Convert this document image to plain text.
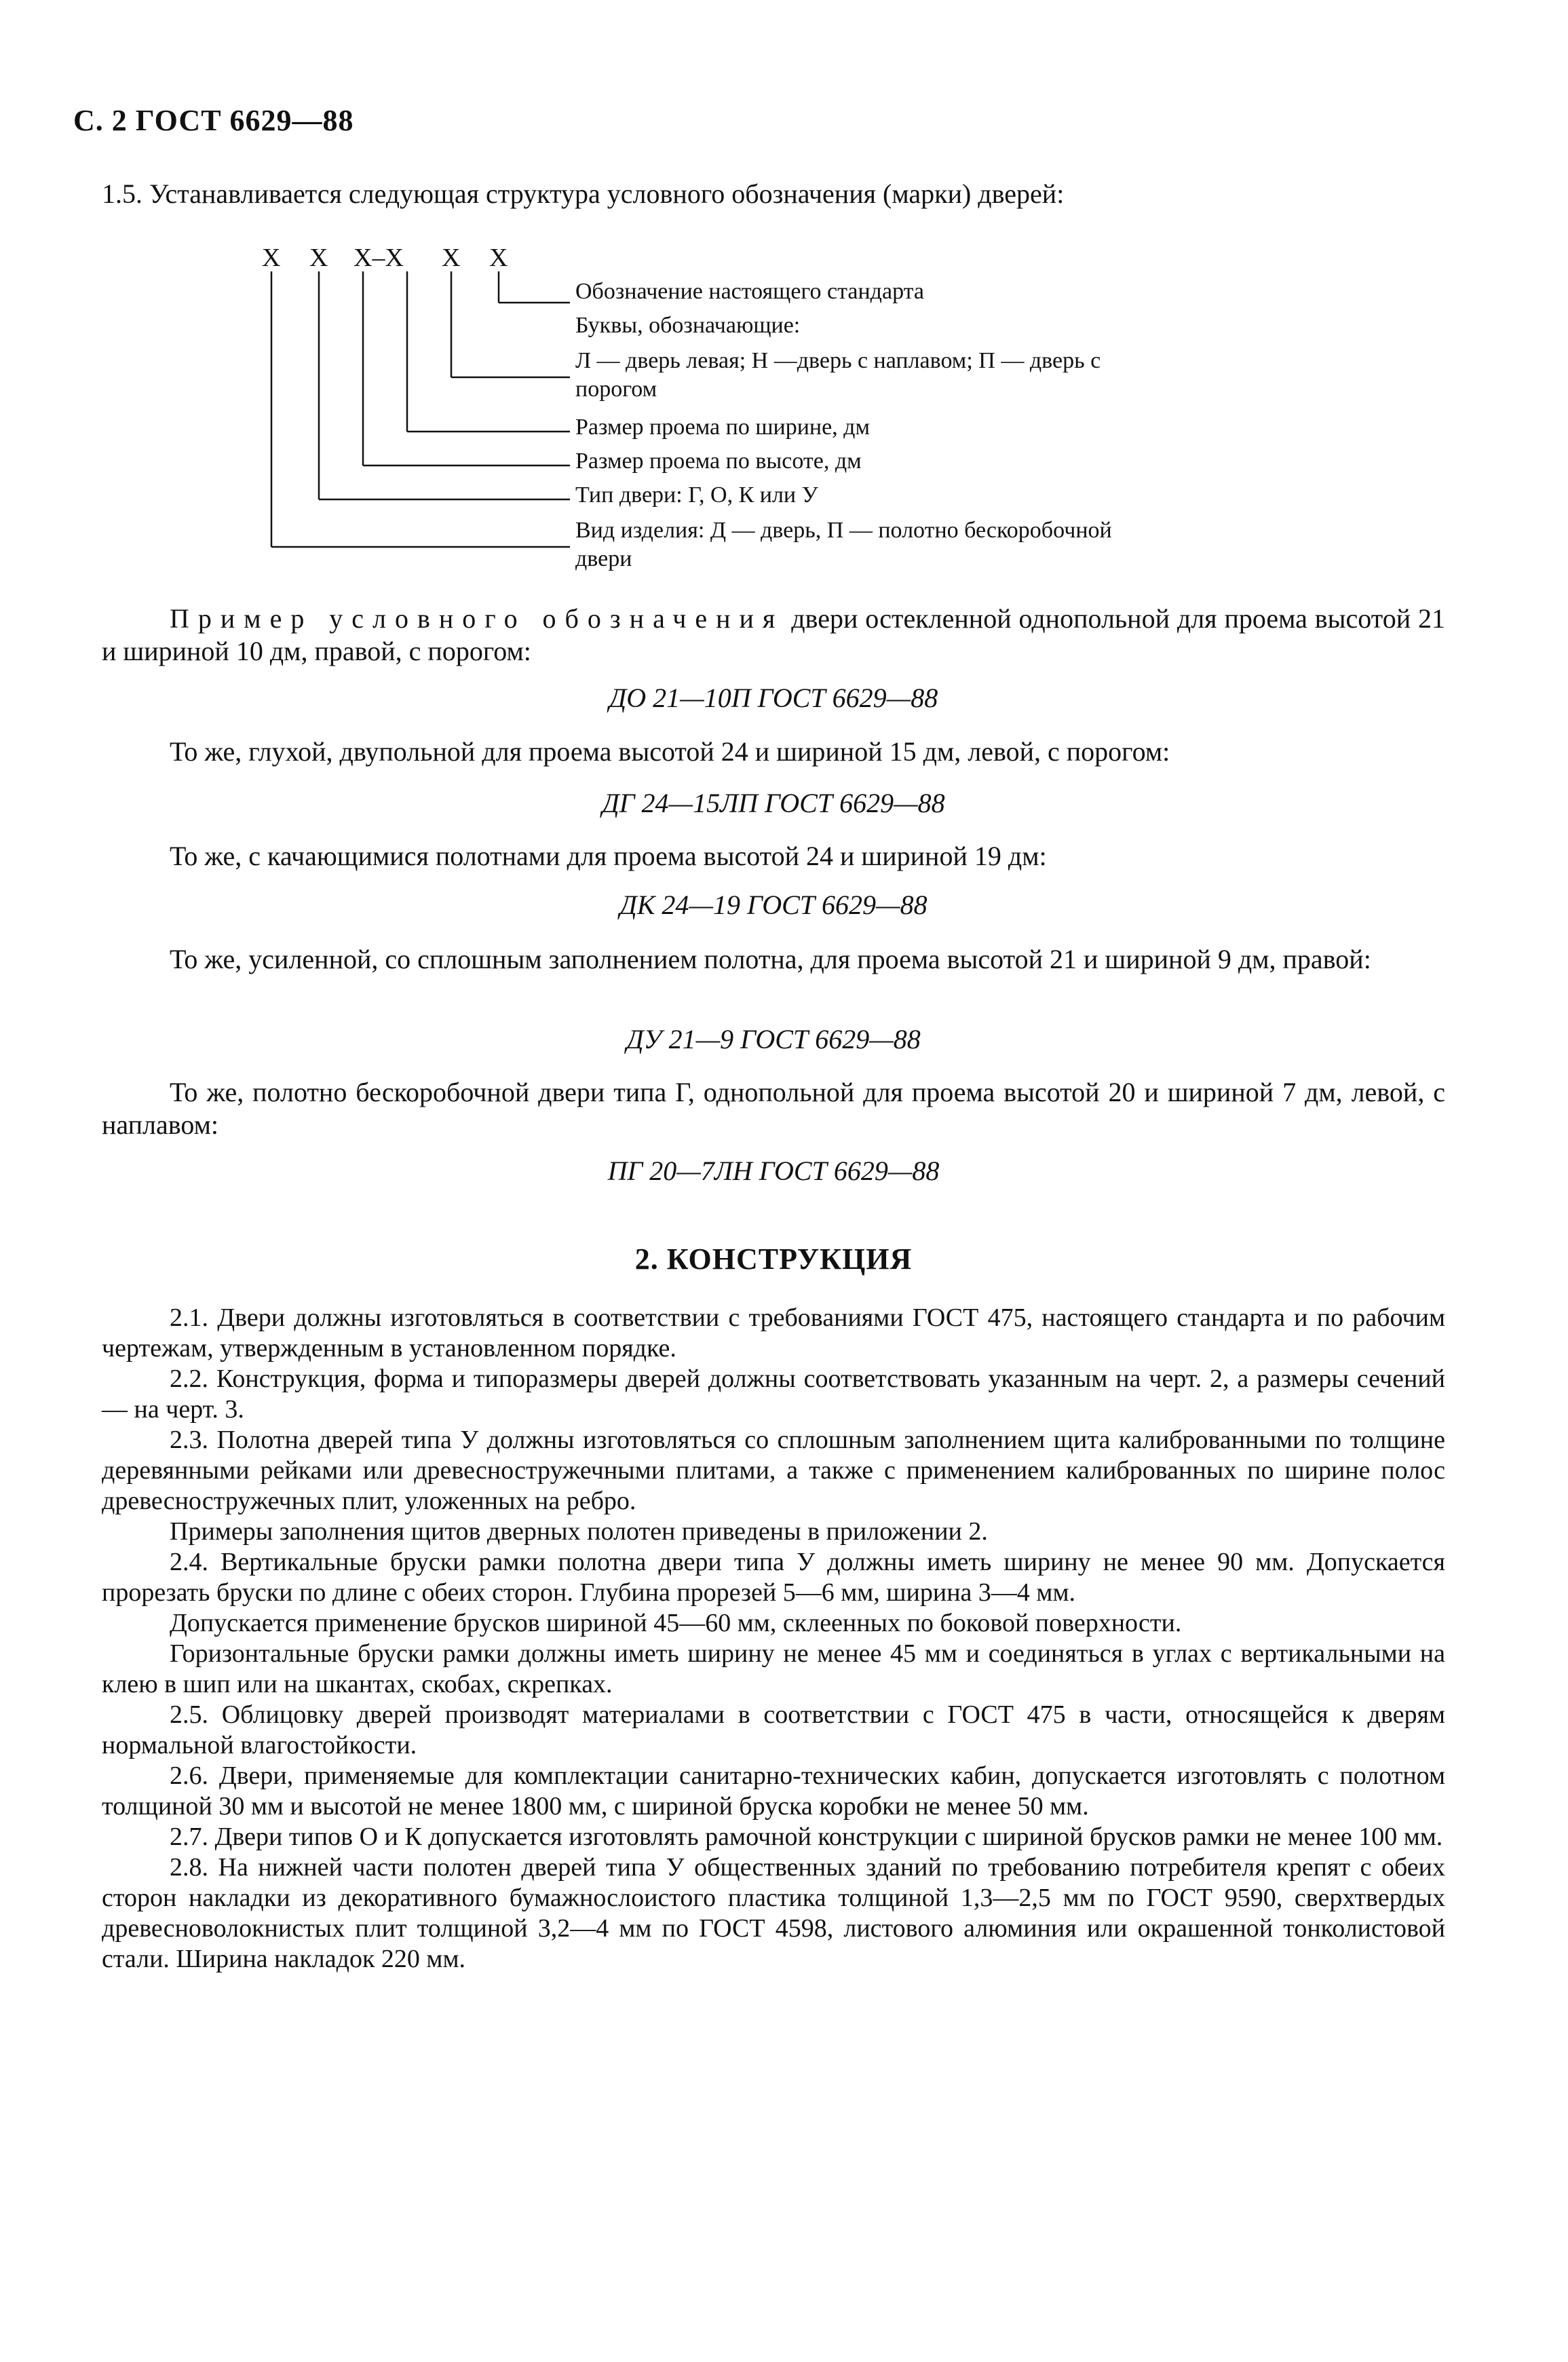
С. 2 ГОСТ 6629—88
1.5. Устанавливается следующая структура условного обозначения (марки) дверей:
Х Х Х–Х Х Х
Обозначение настоящего стандарта
Буквы, обозначающие:
Л — дверь левая; Н —дверь с наплавом; П — дверь с
порогом
Размер проема по ширине, дм
Размер проема по высоте, дм
Тип двери: Г, О, К или У
Вид изделия: Д — дверь, П — полотно бескоробочной
двери
Пример условного обозначения двери остекленной однопольной для проема высотой 21 и шириной 10 дм, правой, с порогом:
ДО 21—10П ГОСТ 6629—88
То же, глухой, двупольной для проема высотой 24 и шириной 15 дм, левой, с порогом:
ДГ 24—15ЛП ГОСТ 6629—88
То же, с качающимися полотнами для проема высотой 24 и шириной 19 дм:
ДК 24—19 ГОСТ 6629—88
То же, усиленной, со сплошным заполнением полотна, для проема высотой 21 и шириной 9 дм, правой:
ДУ 21—9 ГОСТ 6629—88
То же, полотно бескоробочной двери типа Г, однопольной для проема высотой 20 и шириной 7 дм, левой, с наплавом:
ПГ 20—7ЛН ГОСТ 6629—88
2. КОНСТРУКЦИЯ

2.1. Двери должны изготовляться в соответствии с требованиями ГОСТ 475, настоящего стандарта и по рабочим чертежам, утвержденным в установленном порядке.

2.2. Конструкция, форма и типоразмеры дверей должны соответствовать указанным на черт. 2, а размеры сечений — на черт. 3.

2.3. Полотна дверей типа У должны изготовляться со сплошным заполнением щита калиброванными по толщине деревянными рейками или древесностружечными плитами, а также с применением калиброванных по ширине полос древесностружечных плит, уложенных на ребро.

Примеры заполнения щитов дверных полотен приведены в приложении 2.

2.4. Вертикальные бруски рамки полотна двери типа У должны иметь ширину не менее 90 мм. Допускается прорезать бруски по длине с обеих сторон. Глубина прорезей 5—6 мм, ширина 3—4 мм.

Допускается применение брусков шириной 45—60 мм, склеенных по боковой поверхности.

Горизонтальные бруски рамки должны иметь ширину не менее 45 мм и соединяться в углах с вертикальными на клею в шип или на шкантах, скобах, скрепках.

2.5. Облицовку дверей производят материалами в соответствии с ГОСТ 475 в части, относящейся к дверям нормальной влагостойкости.

2.6. Двери, применяемые для комплектации санитарно-технических кабин, допускается изготовлять с полотном толщиной 30 мм и высотой не менее 1800 мм, с шириной бруска коробки не менее 50 мм.

2.7. Двери типов О и К допускается изготовлять рамочной конструкции с шириной брусков рамки не менее 100 мм.

2.8. На нижней части полотен дверей типа У общественных зданий по требованию потребителя крепят с обеих сторон накладки из декоративного бумажнослоистого пластика толщиной 1,3—2,5 мм по ГОСТ 9590, сверхтвердых древесноволокнистых плит толщиной 3,2—4 мм по ГОСТ 4598, листового алюминия или окрашенной тонколистовой стали. Ширина накладок 220 мм.
